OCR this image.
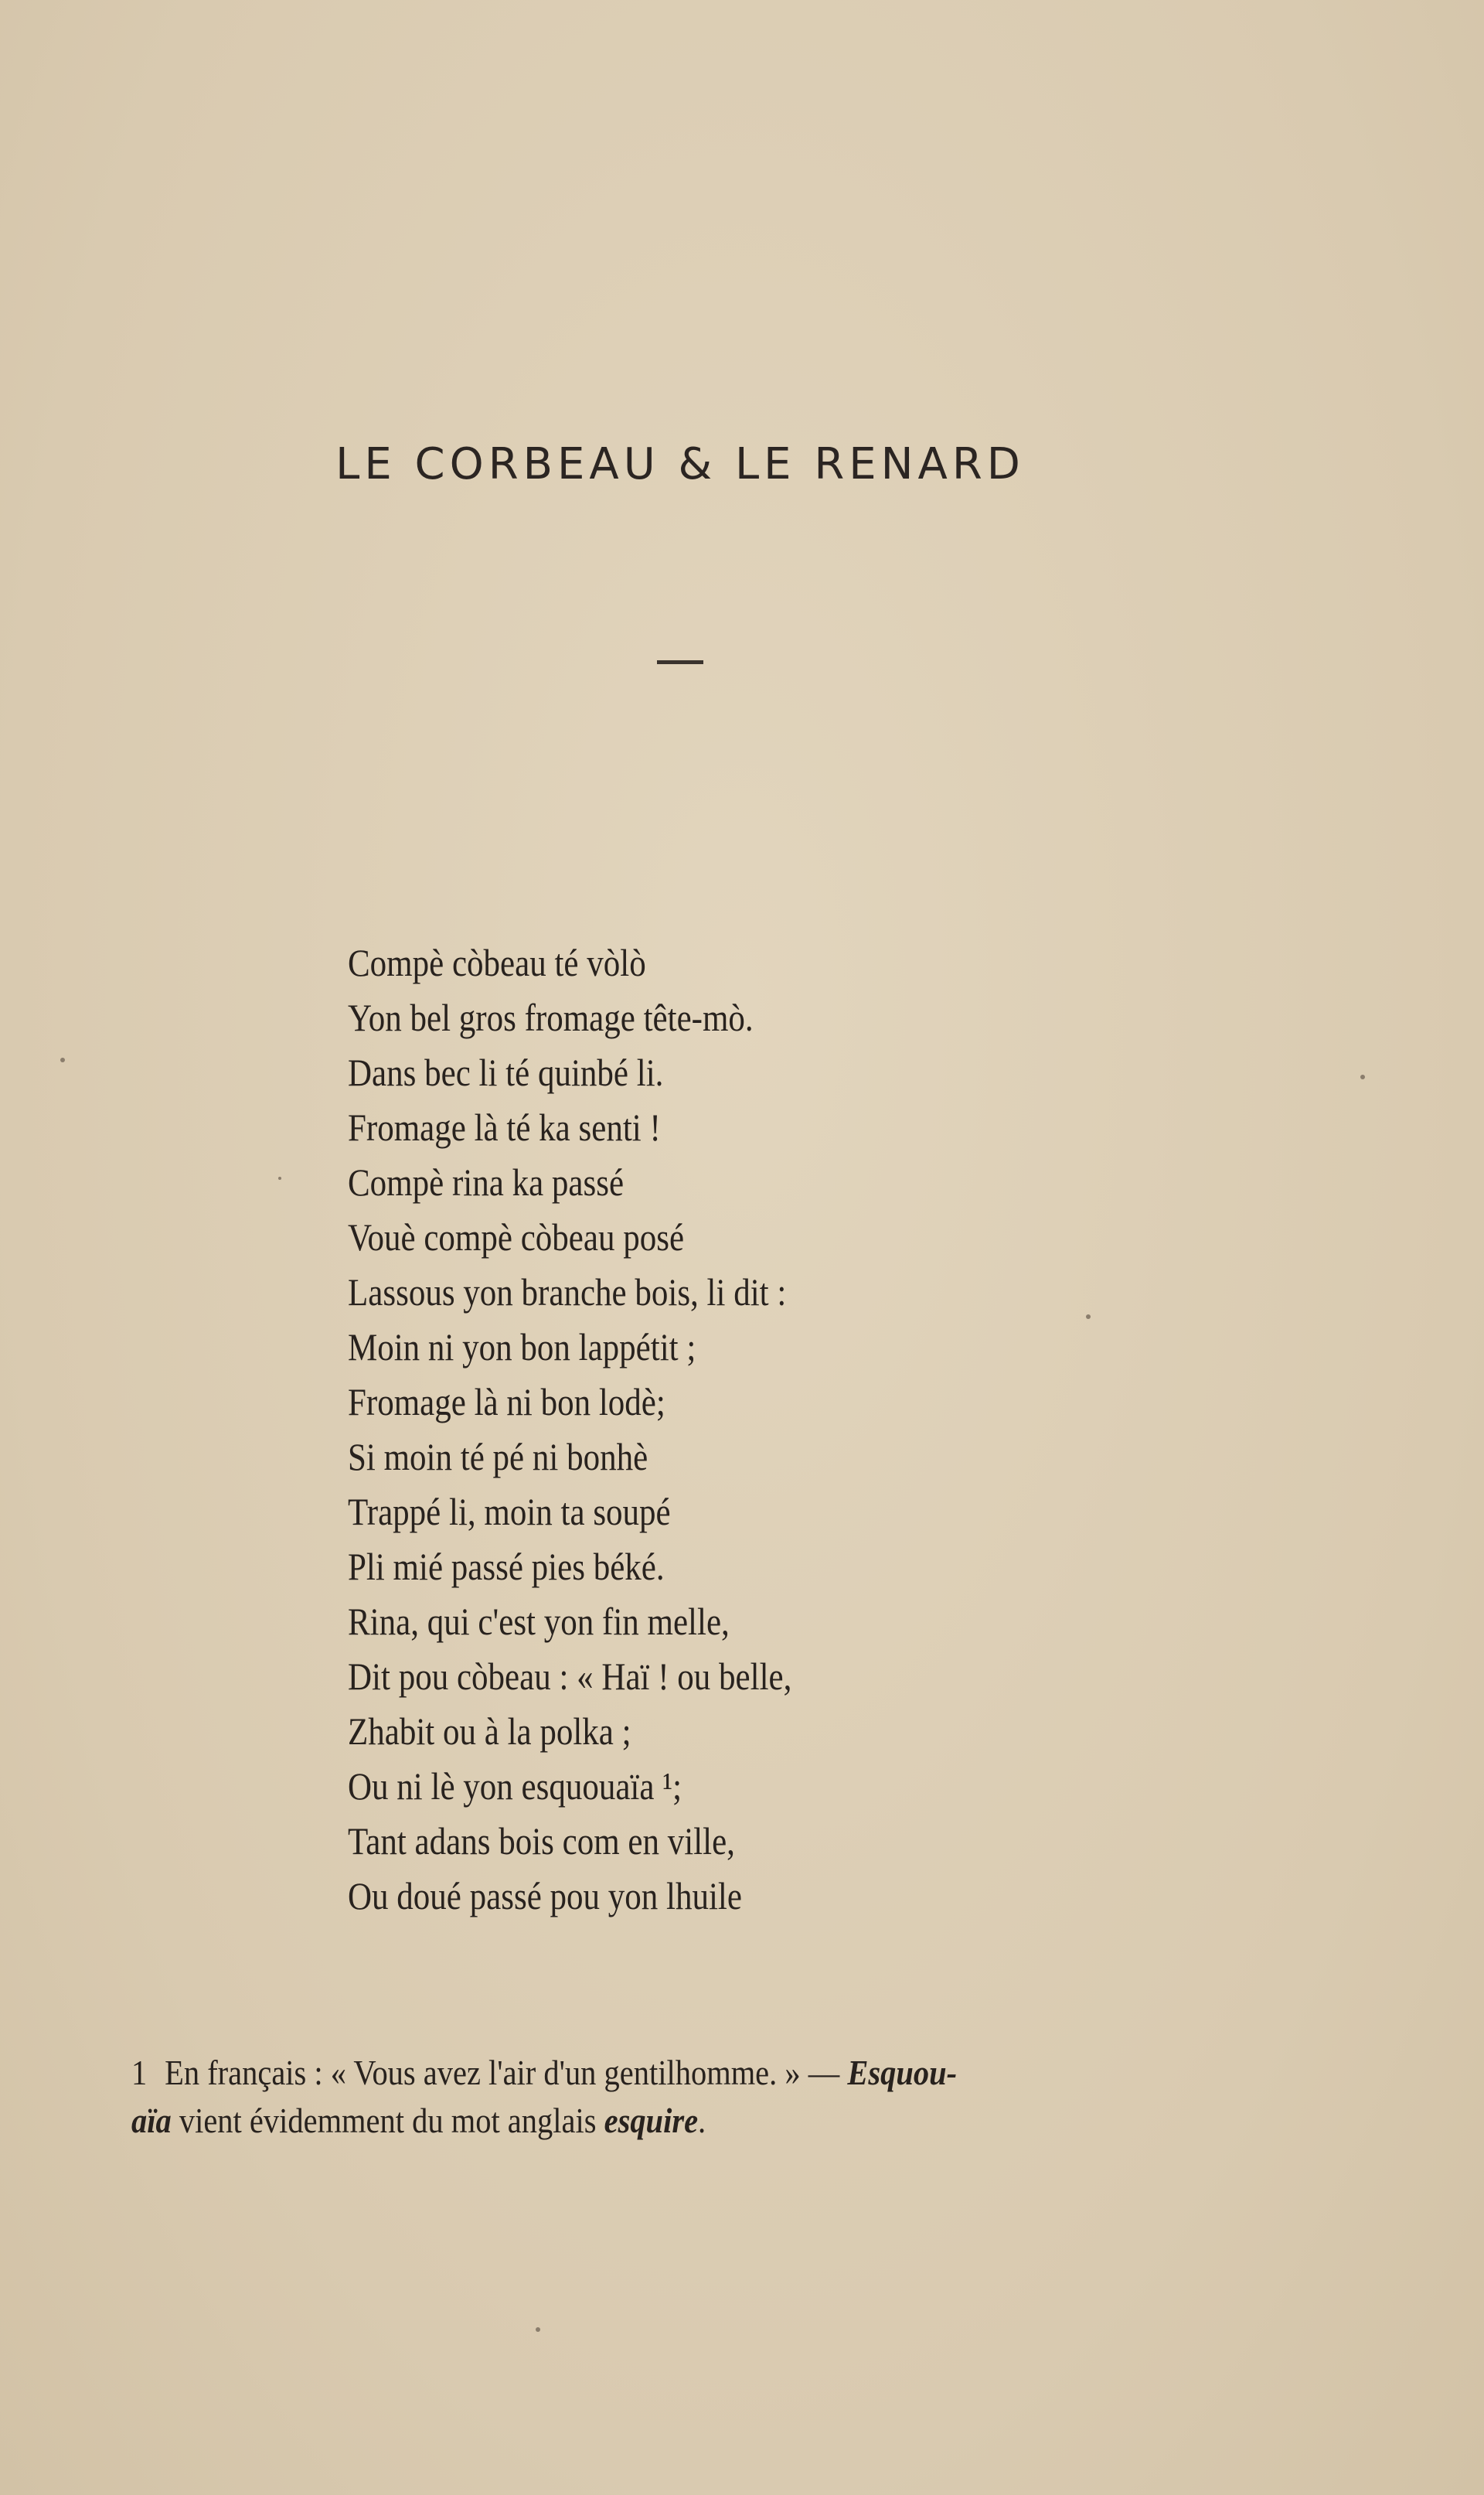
LE CORBEAU & LE RENARD
Compè còbeau té vòlò
Yon bel gros fromage tête-mò.
Dans bec li té quinbé li.
Fromage là té ka senti !
Compè rina ka passé
Vouè compè còbeau posé
Lassous yon branche bois, li dit :
Moin ni yon bon lappétit ;
Fromage là ni bon lodè;
Si moin té pé ni bonhè
Trappé li, moin ta soupé
Pli mié passé pies béké.
Rina, qui c'est yon fin melle,
Dit pou còbeau : « Haï ! ou belle,
Zhabit ou à la polka ;
Ou ni lè yon esquouaïa ¹;
Tant adans bois com en ville,
Ou doué passé pou yon lhuile
1 En français : « Vous avez l'air d'un gentilhomme. » — Esquou-
aïa vient évidemment du mot anglais esquire.
